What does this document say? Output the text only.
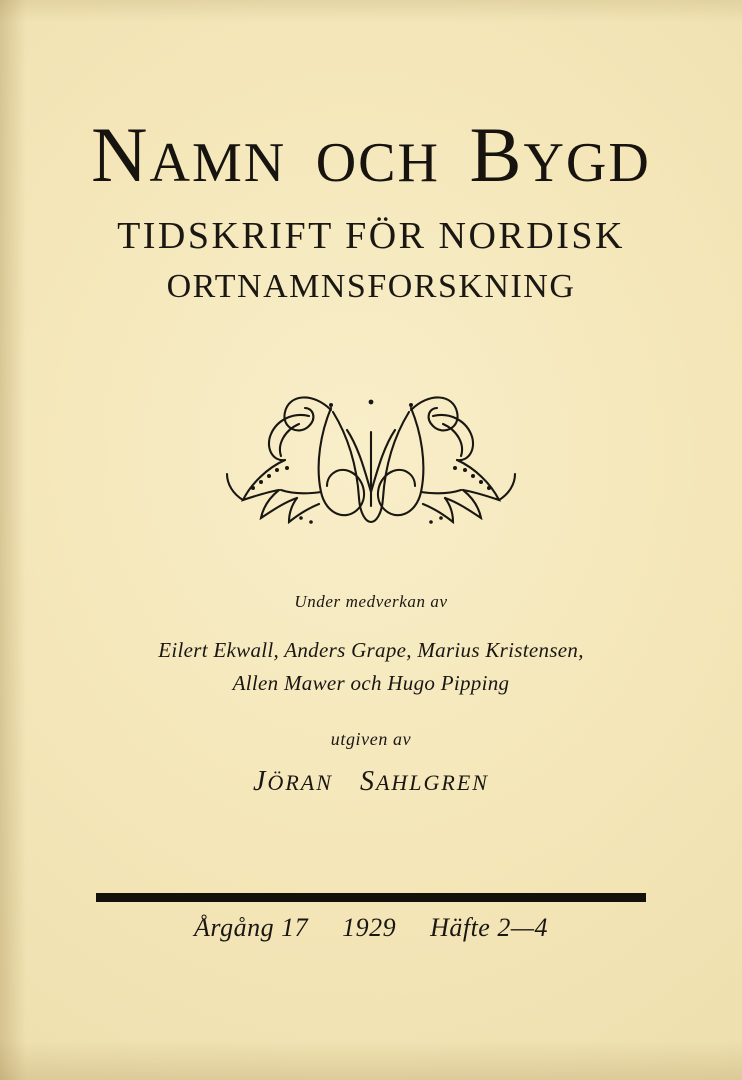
NAMN OCH BYGD
TIDSKRIFT FÖR NORDISK
ORTNAMNSFORSKNING
Under medverkan av
Eilert Ekwall, Anders Grape, Marius Kristensen,
Allen Mawer och Hugo Pipping
utgiven av
JÖRAN SAHLGREN
Årgång 17 1929 Häfte 2—4
